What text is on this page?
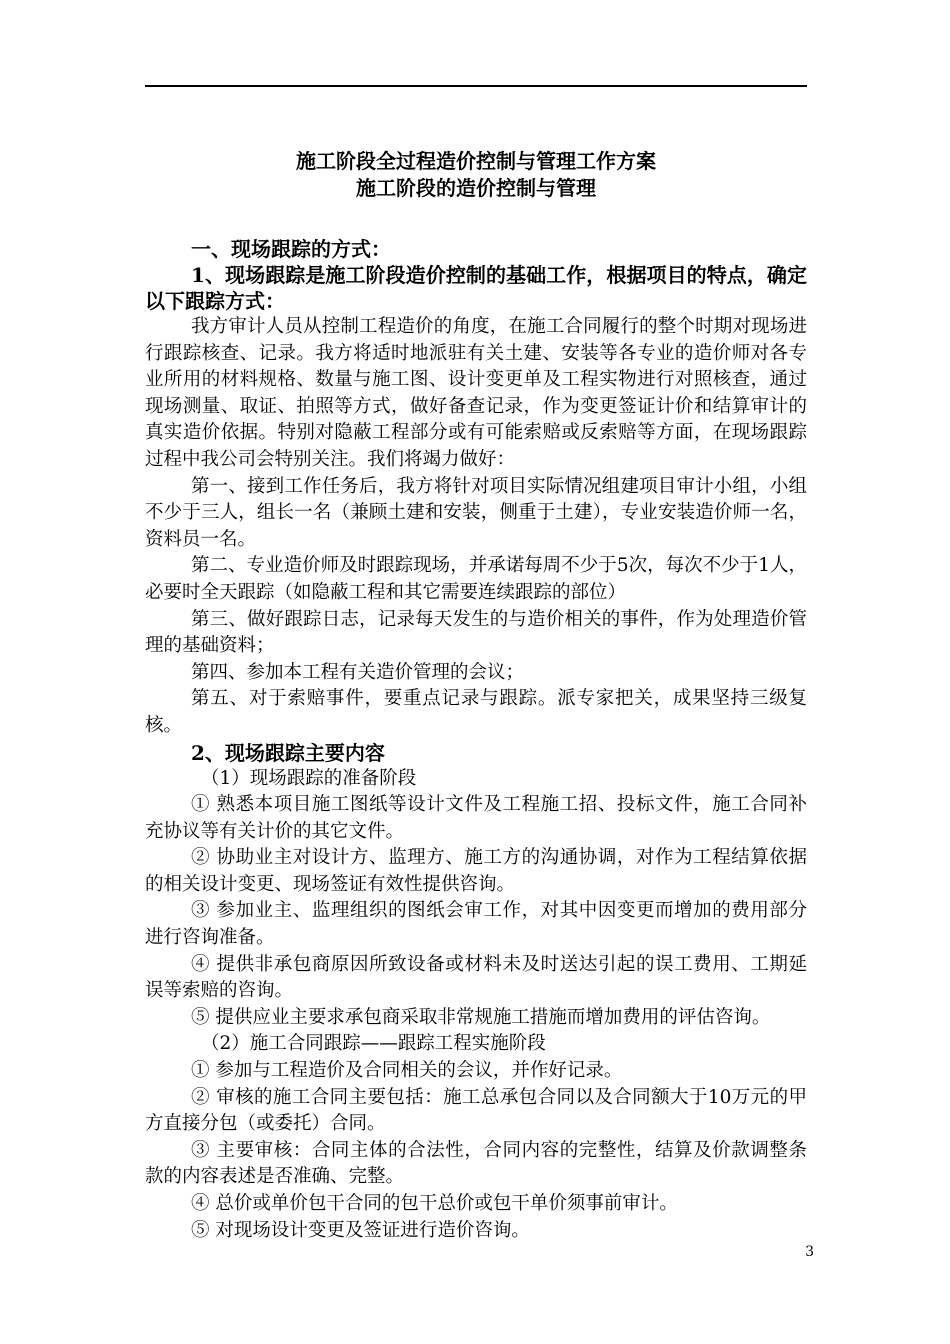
施工阶段全过程造价控制与管理工作方案
施工阶段的造价控制与管理
一、现场跟踪的方式：
1、现场跟踪是施工阶段造价控制的基础工作，根据项目的特点，确定以下跟踪方式：

我方审计人员从控制工程造价的角度，在施工合同履行的整个时期对现场进行跟踪核查、记录。我方将适时地派驻有关土建、安装等各专业的造价师对各专业所用的材料规格、数量与施工图、设计变更单及工程实物进行对照核查，通过现场测量、取证、拍照等方式，做好备查记录，作为变更签证计价和结算审计的真实造价依据。特别对隐蔽工程部分或有可能索赔或反索赔等方面，在现场跟踪过程中我公司会特别关注。我们将竭力做好：

第一、接到工作任务后，我方将针对项目实际情况组建项目审计小组，小组不少于三人，组长一名（兼顾土建和安装，侧重于土建），专业安装造价师一名，资料员一名。

第二、专业造价师及时跟踪现场，并承诺每周不少于5次，每次不少于1人，必要时全天跟踪（如隐蔽工程和其它需要连续跟踪的部位）

第三、做好跟踪日志，记录每天发生的与造价相关的事件，作为处理造价管理的基础资料；

第四、参加本工程有关造价管理的会议；

第五、对于索赔事件，要重点记录与跟踪。派专家把关，成果坚持三级复核。

2、现场跟踪主要内容
（1）现场跟踪的准备阶段

① 熟悉本项目施工图纸等设计文件及工程施工招、投标文件，施工合同补充协议等有关计价的其它文件。

② 协助业主对设计方、监理方、施工方的沟通协调，对作为工程结算依据的相关设计变更、现场签证有效性提供咨询。

③ 参加业主、监理组织的图纸会审工作，对其中因变更而增加的费用部分进行咨询准备。

④ 提供非承包商原因所致设备或材料未及时送达引起的误工费用、工期延误等索赔的咨询。

⑤ 提供应业主要求承包商采取非常规施工措施而增加费用的评估咨询。

（2）施工合同跟踪——跟踪工程实施阶段

① 参加与工程造价及合同相关的会议，并作好记录。

② 审核的施工合同主要包括：施工总承包合同以及合同额大于10万元的甲方直接分包（或委托）合同。

③ 主要审核：合同主体的合法性，合同内容的完整性，结算及价款调整条款的内容表述是否准确、完整。

④ 总价或单价包干合同的包干总价或包干单价须事前审计。

⑤ 对现场设计变更及签证进行造价咨询。

3
